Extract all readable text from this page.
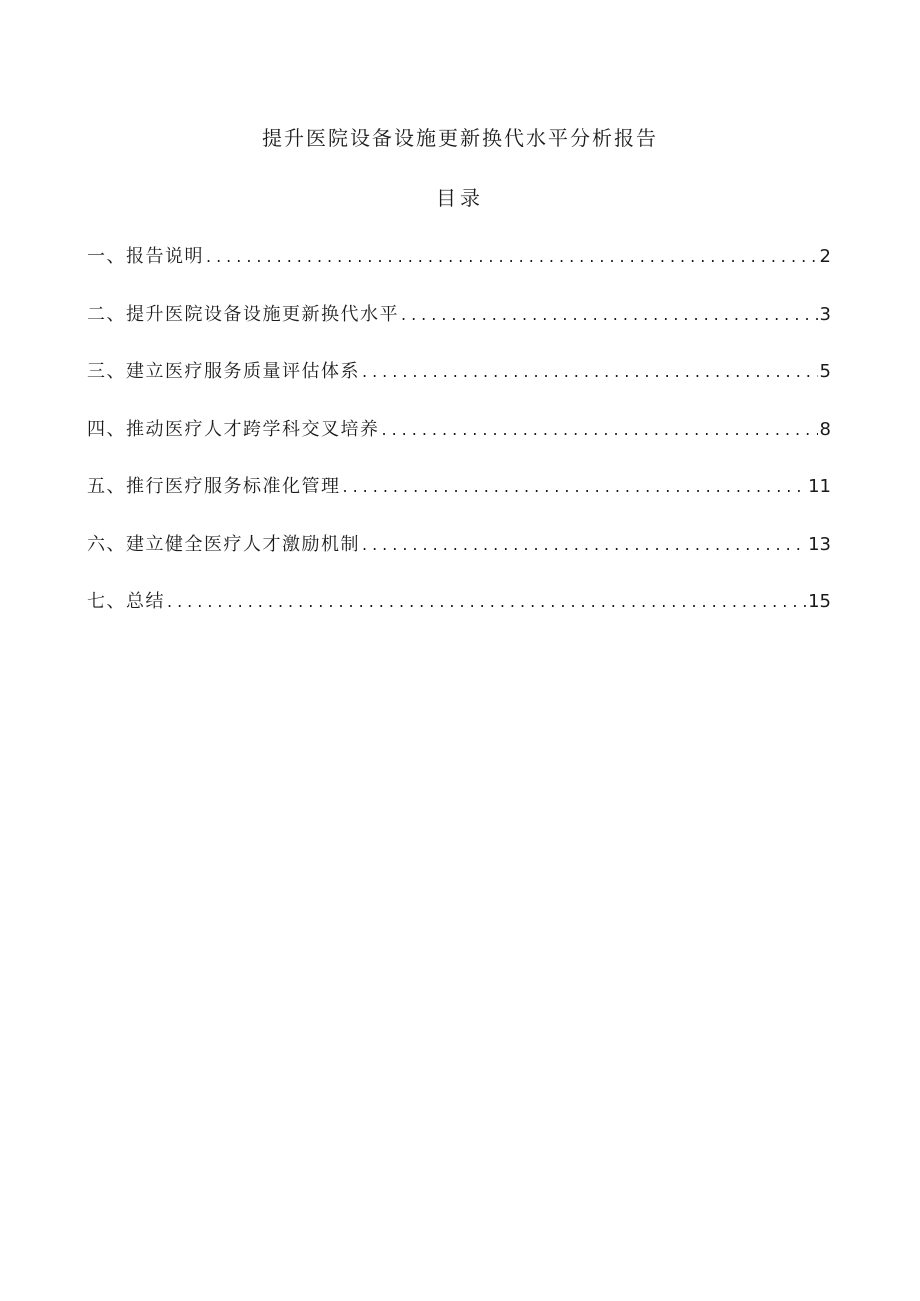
提升医院设备设施更新换代水平分析报告
目录
一、报告说明 .....	2
二、提升医院设备设施更新换代水平 .....	3
三、建立医疗服务质量评估体系 .....	5
四、推动医疗人才跨学科交叉培养 .....	8
五、推行医疗服务标准化管理 .....	11
六、建立健全医疗人才激励机制 .....	13
七、总结 .....	15
